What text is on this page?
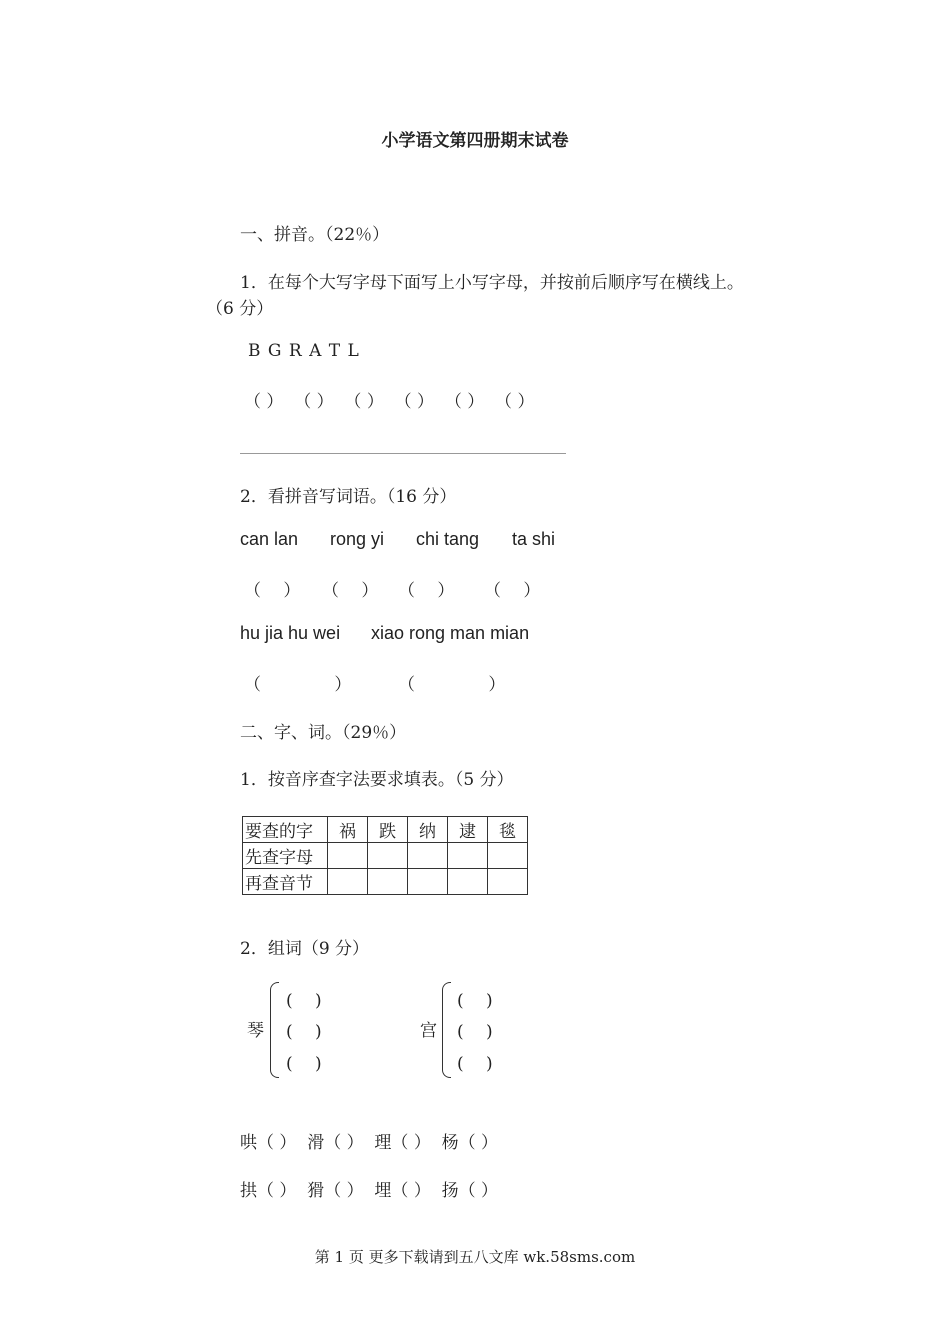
小学语文第四册期末试卷
一、拼音。（22％）
1．在每个大写字母下面写上小写字母，并按前后顺序写在横线上。
（6 分）
B G R A T L
（ ）  （ ）  （ ）  （ ）  （ ）  （ ）
2．看拼音写词语。（16 分）
can lan rong yi chi tang ta shi
（　 ） （　 ） （　 ） （　 ）
hu jia hu wei xiao rong man mian
（　　　　 ）	（　　　　 ）
二、字、词。（29％）
1．按音序查字法要求填表。（5 分）
要查的字	祸	跌	纳	逮	毯
先查字母					
再查音节					
2．组词（9 分）
琴
(　 )
(　 )
(　 )
宫
(　 )
(　 )
(　 )
哄（ ）  滑（ ）  理（ ）  杨（ ）
拱（ ）  猾（ ）  埋（ ）  扬（ ）
第 1 页 更多下载请到五八文库 wk.58sms.com
